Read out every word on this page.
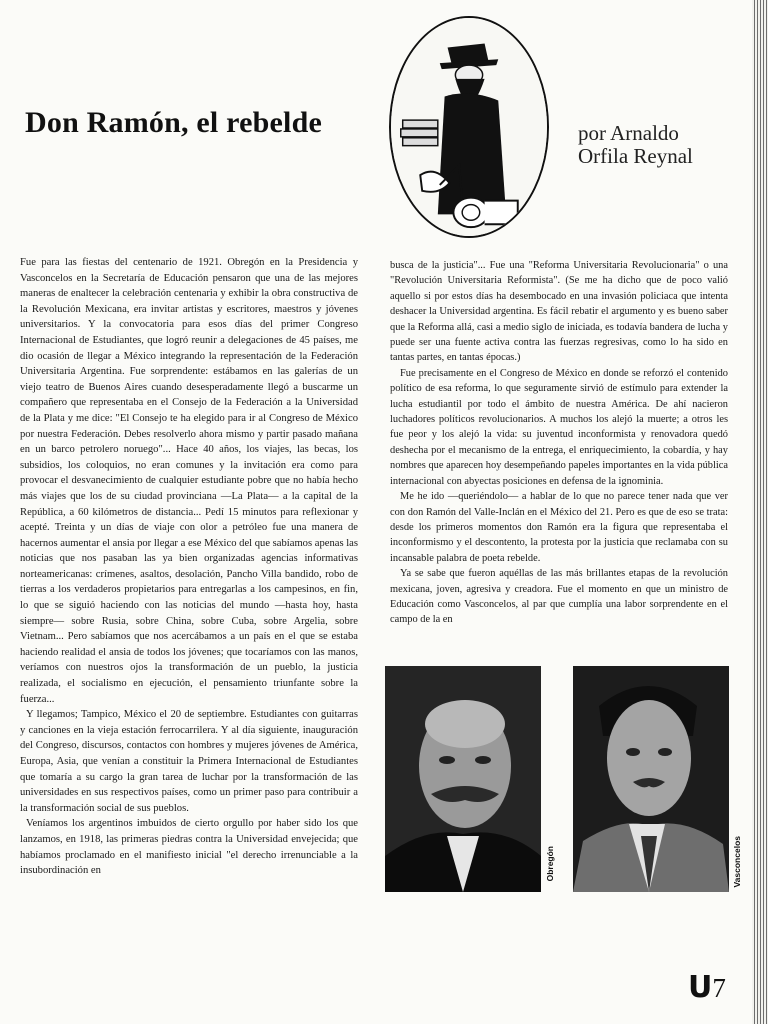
Don Ramón, el rebelde	por Arnaldo
Orfila Reynal

Fue para las fiestas del centenario de 1921. Obregón en la Presidencia y Vasconcelos en la Secretaría de Educación pensaron que una de las mejores maneras de enaltecer la celebración centenaria y exhibir la obra constructiva de la Revolución Mexicana, era invitar artistas y escritores, maestros y jóvenes universitarios. Y la convocatoria para esos días del primer Congreso Internacional de Estudiantes, que logró reunir a delegaciones de 45 países, me dio ocasión de llegar a México integrando la representación de la Federación Universitaria Argentina. Fue sorprendente: estábamos en las galerías de un viejo teatro de Buenos Aires cuando desesperadamente llegó a buscarme un compañero que representaba en el Consejo de la Federación a la Universidad de la Plata y me dice: "El Consejo te ha elegido para ir al Congreso de México por nuestra Federación. Debes resolverlo ahora mismo y partir pasado mañana en un barco petrolero noruego"... Hace 40 años, los viajes, las becas, los subsidios, los coloquios, no eran comunes y la invitación era como para provocar el desvanecimiento de cualquier estudiante pobre que no había hecho más viajes que los de su ciudad provinciana —La Plata— a la capital de la República, a 60 kilómetros de distancia... Pedí 15 minutos para reflexionar y acepté. Treinta y un días de viaje con olor a petróleo fue una manera de hacernos aumentar el ansia por llegar a ese México del que sabíamos apenas las noticias que nos pasaban las ya bien organizadas agencias informativas norteamericanas: crímenes, asaltos, desolación, Pancho Villa bandido, robo de tierras a los verdaderos propietarios para entregarlas a los campesinos, en fin, lo que se siguió haciendo con las noticias del mundo —hasta hoy, hasta siempre— sobre Rusia, sobre China, sobre Cuba, sobre Argelia, sobre Vietnam... Pero sabíamos que nos acercábamos a un país en el que se estaba haciendo realidad el ansia de todos los jóvenes; que tocaríamos con las manos, veríamos con nuestros ojos la transformación de un pueblo, la justicia realizada, el socialismo en ejecución, el pensamiento triunfante sobre la fuerza...

Y llegamos; Tampico, México el 20 de septiembre. Estudiantes con guitarras y canciones en la vieja estación ferrocarrilera. Y al día siguiente, inauguración del Congreso, discursos, contactos con hombres y mujeres jóvenes de América, Europa, Asia, que venían a constituir la Primera Internacional de Estudiantes que tomaría a su cargo la gran tarea de luchar por la transformación de las universidades en sus respectivos países, como un primer paso para contribuir a la transformación social de sus pueblos.

Veníamos los argentinos imbuidos de cierto orgullo por haber sido los que lanzamos, en 1918, las primeras piedras contra la Universidad envejecida; que habíamos proclamado en el manifiesto inicial "el derecho irrenunciable a la insubordinación en

busca de la justicia"... Fue una "Reforma Universitaria Revolucionaria" o una "Revolución Universitaria Reformista". (Se me ha dicho que de poco valió aquello si por estos días ha desembocado en una invasión policiaca que intenta deshacer la Universidad argentina. Es fácil rebatir el argumento y es bueno saber que la Reforma allá, casi a medio siglo de iniciada, es todavía bandera de lucha y puede ser una fuente activa contra las fuerzas regresivas, como lo ha sido en tantas partes, en tantas épocas.)

Fue precisamente en el Congreso de México en donde se reforzó el contenido político de esa reforma, lo que seguramente sirvió de estímulo para extender la lucha estudiantil por todo el ámbito de nuestra América. De ahí nacieron luchadores políticos revolucionarios. A muchos los alejó la muerte; a otros les fue peor y los alejó la vida: su juventud inconformista y renovadora quedó deshecha por el mecanismo de la entrega, el enriquecimiento, la cobardía, y hay nombres que aparecen hoy desempeñando papeles importantes en la vida pública internacional con abyectas posiciones en defensa de la ignominia.

Me he ido —queriéndolo— a hablar de lo que no parece tener nada que ver con don Ramón del Valle-Inclán en el México del 21. Pero es que de eso se trata: desde los primeros momentos don Ramón era la figura que representaba el inconformismo y el descontento, la protesta por la justicia que reclamaba con su incansable palabra de poeta rebelde.

Ya se sabe que fueron aquéllas de las más brillantes etapas de la revolución mexicana, joven, agresiva y creadora. Fue el momento en que un ministro de Educación como Vasconcelos, al par que cumplía una labor sorprendente en el campo de la en

Obregón	Vasconcelos
U 7
